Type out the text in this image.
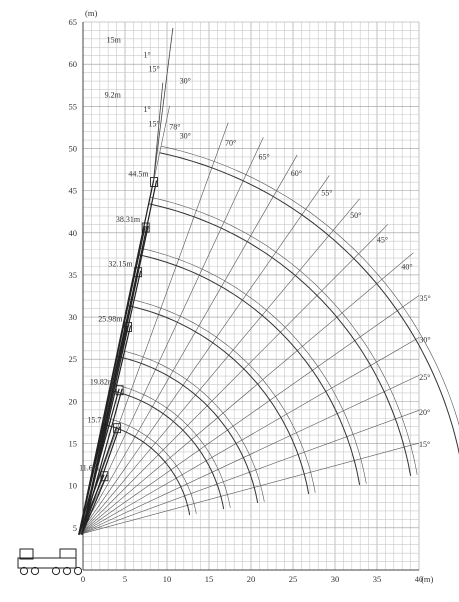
0	5	10	15	20	25	30	35	40
5
10
15
20
25
30
35
40
45
50
55
60
65
15°
20°
25°
30°
35°
40°
45°
50°
55°
60°
65°
70°
78°
11.6m
15.71m
19.82m
25.98m
32.15m
38.31m
44.5m
9.2m
1°
15°
30°
15m
1°
15°
30°
(m)
(m)
